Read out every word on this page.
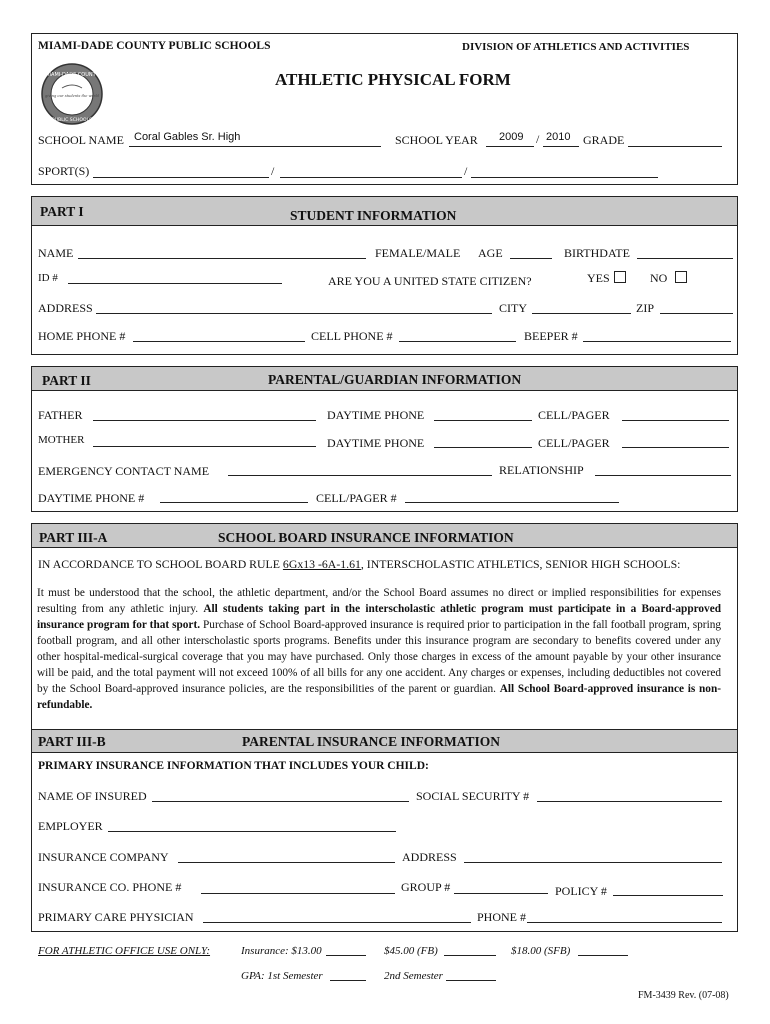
MIAMI-DADE COUNTY PUBLIC SCHOOLS	DIVISION OF ATHLETICS AND ACTIVITIES
ATHLETIC PHYSICAL FORM
MIAMI-DADE COUNTY
giving our students the world
PUBLIC SCHOOLS
SCHOOL NAME Coral Gables Sr. High	SCHOOL YEAR 2009 / 2010 GRADE
SPORT(S)	/	/
PART I	STUDENT INFORMATION
NAME	FEMALE/MALE AGE	BIRTHDATE
ID #	ARE YOU A UNITED STATE CITIZEN?	YES	NO
ADDRESS	CITY	ZIP
HOME PHONE #	CELL PHONE #	BEEPER #
PART II	PARENTAL/GUARDIAN INFORMATION
FATHER	DAYTIME PHONE	CELL/PAGER
MOTHER	DAYTIME PHONE	CELL/PAGER
EMERGENCY CONTACT NAME	RELATIONSHIP
DAYTIME PHONE #	CELL/PAGER #
PART III-A	SCHOOL BOARD INSURANCE INFORMATION
IN ACCORDANCE TO SCHOOL BOARD RULE 6Gx13 -6A-1.61, INTERSCHOLASTIC ATHLETICS, SENIOR HIGH SCHOOLS:
It must be understood that the school, the athletic department, and/or the School Board assumes no direct or implied responsibilities for expenses resulting from any athletic injury. All students taking part in the interscholastic athletic program must participate in a Board-approved insurance program for that sport. Purchase of School Board-approved insurance is required prior to participation in the fall football program, spring football program, and all other interscholastic sports programs. Benefits under this insurance program are secondary to benefits covered under any other hospital-medical-surgical coverage that you may have purchased. Only those charges in excess of the amount payable by your other insurance will be paid, and the total payment will not exceed 100% of all bills for any one accident. Any charges or expenses, including deductibles not covered by the School Board-approved insurance policies, are the responsibilities of the parent or guardian. All School Board-approved insurance is non-refundable.
PART III-B	PARENTAL INSURANCE INFORMATION
PRIMARY INSURANCE INFORMATION THAT INCLUDES YOUR CHILD:
NAME OF INSURED	SOCIAL SECURITY #
EMPLOYER
INSURANCE COMPANY	ADDRESS
INSURANCE CO. PHONE #	GROUP #	POLICY #
PRIMARY CARE PHYSICIAN	PHONE #
FOR ATHLETIC OFFICE USE ONLY:	Insurance: $13.00	$45.00 (FB)	$18.00 (SFB)
GPA: 1st Semester	2nd Semester
FM-3439 Rev. (07-08)
